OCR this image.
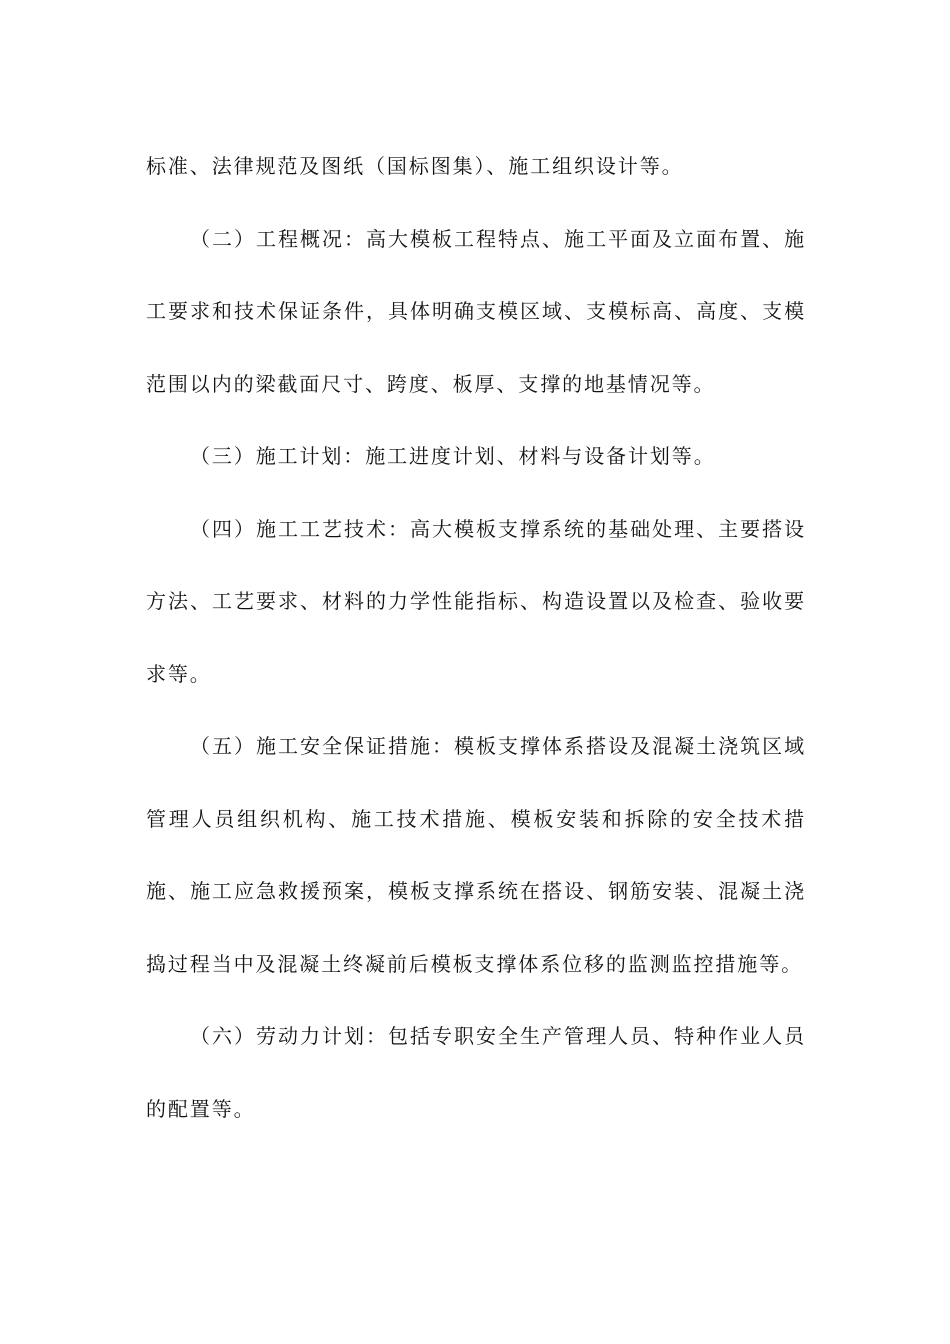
标准、法律规范及图纸（国标图集）、施工组织设计等。

（二）工程概况：高大模板工程特点、施工平面及立面布置、施工要求和技术保证条件，具体明确支模区域、支模标高、高度、支模范围以内的梁截面尺寸、跨度、板厚、支撑的地基情况等。

（三）施工计划：施工进度计划、材料与设备计划等。

（四）施工工艺技术：高大模板支撑系统的基础处理、主要搭设方法、工艺要求、材料的力学性能指标、构造设置以及检查、验收要求等。

（五）施工安全保证措施：模板支撑体系搭设及混凝土浇筑区域管理人员组织机构、施工技术措施、模板安装和拆除的安全技术措施、施工应急救援预案，模板支撑系统在搭设、钢筋安装、混凝土浇捣过程当中及混凝土终凝前后模板支撑体系位移的监测监控措施等。

（六）劳动力计划：包括专职安全生产管理人员、特种作业人员的配置等。
